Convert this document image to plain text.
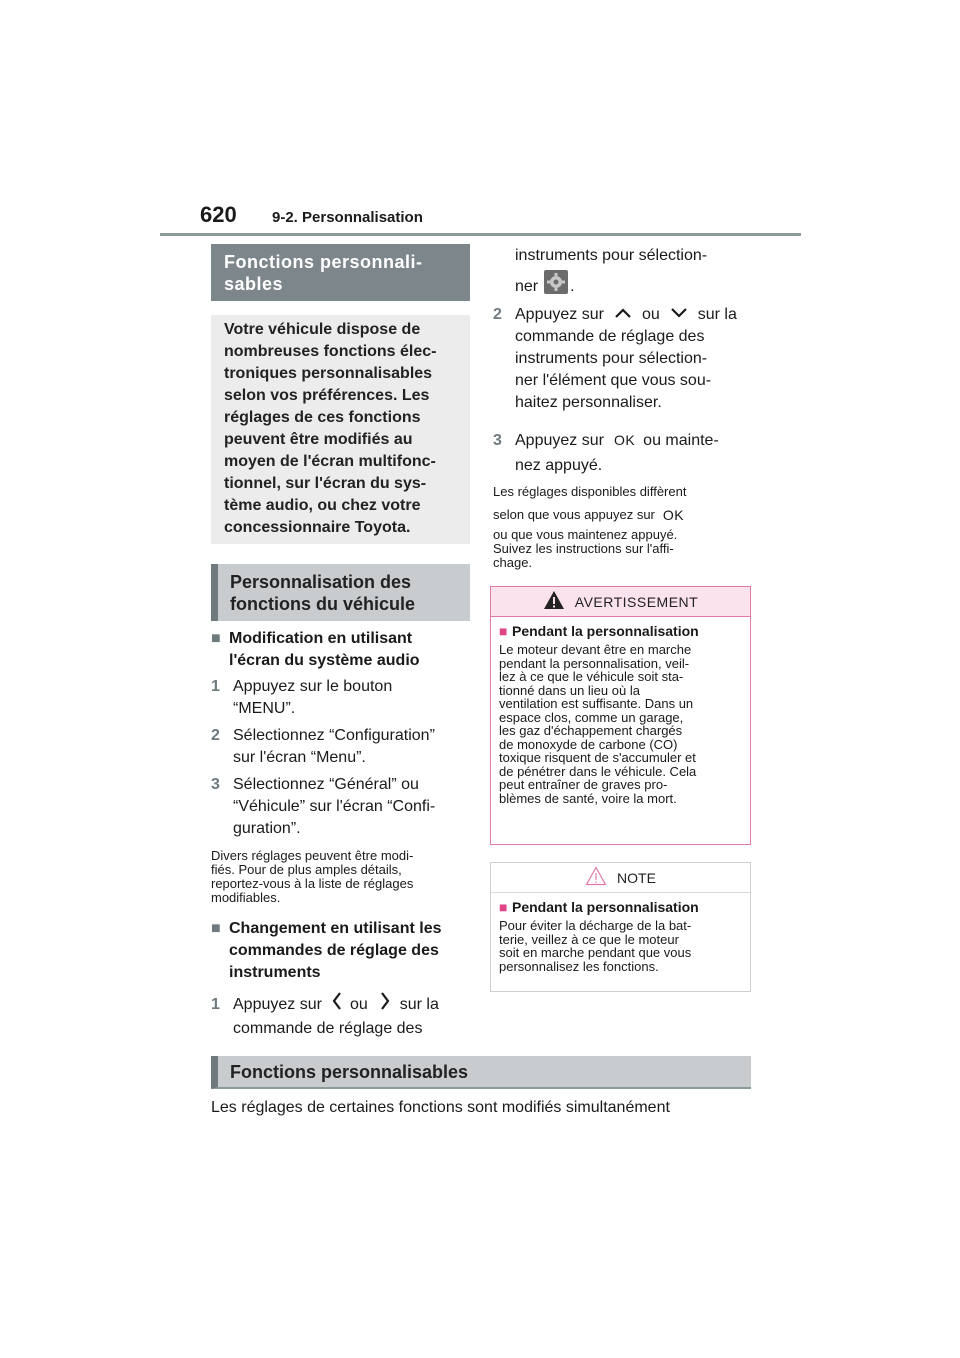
620 9-2. Personnalisation
Fonctions personnali-
sables
Votre véhicule dispose de
nombreuses fonctions élec-
troniques personnalisables
selon vos préférences. Les
réglages de ces fonctions
peuvent être modifiés au
moyen de l'écran multifonc-
tionnel, sur l'écran du sys-
tème audio, ou chez votre
concessionnaire Toyota.
Personnalisation des
fonctions du véhicule
■ Modification en utilisant
l'écran du système audio
1 Appuyez sur le bouton
“MENU”.
2 Sélectionnez “Configuration”
sur l'écran “Menu”.
3 Sélectionnez “Général” ou
“Véhicule” sur l'écran “Confi-
guration”.
Divers réglages peuvent être modi-
fiés. Pour de plus amples détails,
reportez-vous à la liste de réglages
modifiables.
■ Changement en utilisant les
commandes de réglage des
instruments
1 Appuyez sur ou sur la
commande de réglage des
instruments pour sélection-
ner .
2 Appuyez sur ou sur la
commande de réglage des
instruments pour sélection-
ner l'élément que vous sou-
haitez personnaliser.
3 Appuyez sur OK ou mainte-
nez appuyé.
Les réglages disponibles diffèrent
selon que vous appuyez sur OK
ou que vous maintenez appuyé.
Suivez les instructions sur l'affi-
chage.
AVERTISSEMENT
■ Pendant la personnalisation
Le moteur devant être en marche
pendant la personnalisation, veil-
lez à ce que le véhicule soit sta-
tionné dans un lieu où la
ventilation est suffisante. Dans un
espace clos, comme un garage,
les gaz d'échappement chargés
de monoxyde de carbone (CO)
toxique risquent de s'accumuler et
de pénétrer dans le véhicule. Cela
peut entraîner de graves pro-
blèmes de santé, voire la mort.
NOTE
■ Pendant la personnalisation
Pour éviter la décharge de la bat-
terie, veillez à ce que le moteur
soit en marche pendant que vous
personnalisez les fonctions.
Fonctions personnalisables
Les réglages de certaines fonctions sont modifiés simultanément
